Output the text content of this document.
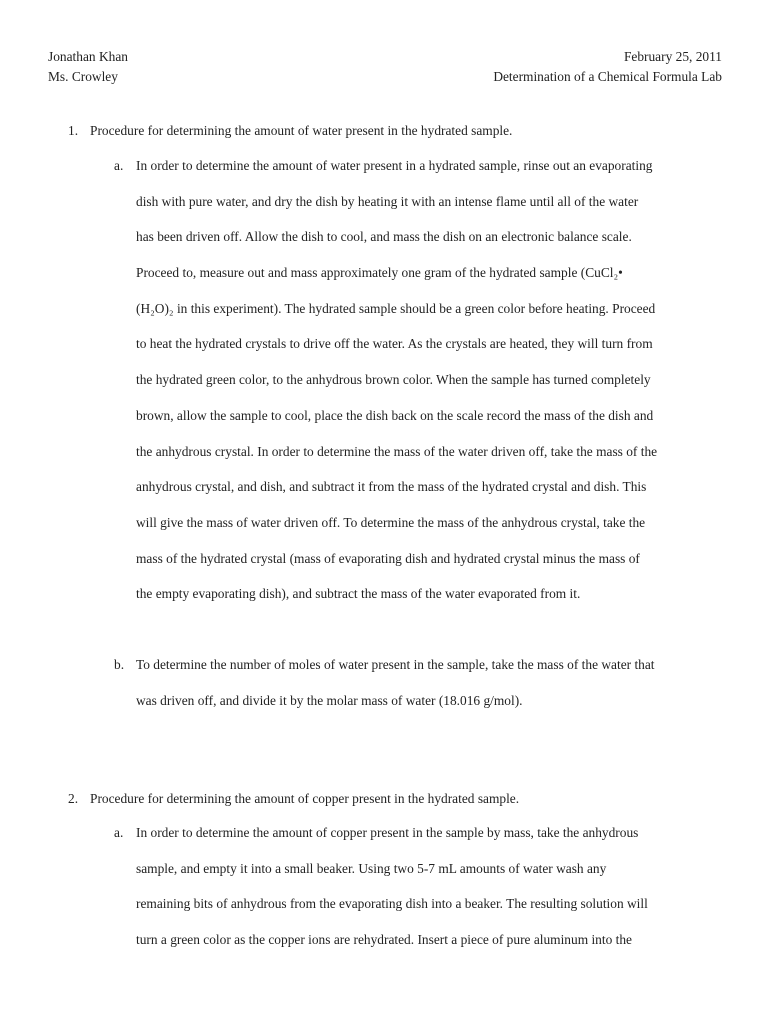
Jonathan Khan	February 25, 2011
Ms. Crowley	Determination of a Chemical Formula Lab
1. Procedure for determining the amount of water present in the hydrated sample.
a. In order to determine the amount of water present in a hydrated sample, rinse out an evaporating
dish with pure water, and dry the dish by heating it with an intense flame until all of the water
has been driven off. Allow the dish to cool, and mass the dish on an electronic balance scale.
Proceed to, measure out and mass approximately one gram of the hydrated sample (CuCl₂•
(H₂O)₂ in this experiment). The hydrated sample should be a green color before heating. Proceed
to heat the hydrated crystals to drive off the water. As the crystals are heated, they will turn from
the hydrated green color, to the anhydrous brown color. When the sample has turned completely
brown, allow the sample to cool, place the dish back on the scale record the mass of the dish and
the anhydrous crystal. In order to determine the mass of the water driven off, take the mass of the
anhydrous crystal, and dish, and subtract it from the mass of the hydrated crystal and dish. This
will give the mass of water driven off. To determine the mass of the anhydrous crystal, take the
mass of the hydrated crystal (mass of evaporating dish and hydrated crystal minus the mass of
the empty evaporating dish), and subtract the mass of the water evaporated from it.
b. To determine the number of moles of water present in the sample, take the mass of the water that
was driven off, and divide it by the molar mass of water (18.016 g/mol).
2. Procedure for determining the amount of copper present in the hydrated sample.
a. In order to determine the amount of copper present in the sample by mass, take the anhydrous
sample, and empty it into a small beaker. Using two 5-7 mL amounts of water wash any
remaining bits of anhydrous from the evaporating dish into a beaker. The resulting solution will
turn a green color as the copper ions are rehydrated. Insert a piece of pure aluminum into the
